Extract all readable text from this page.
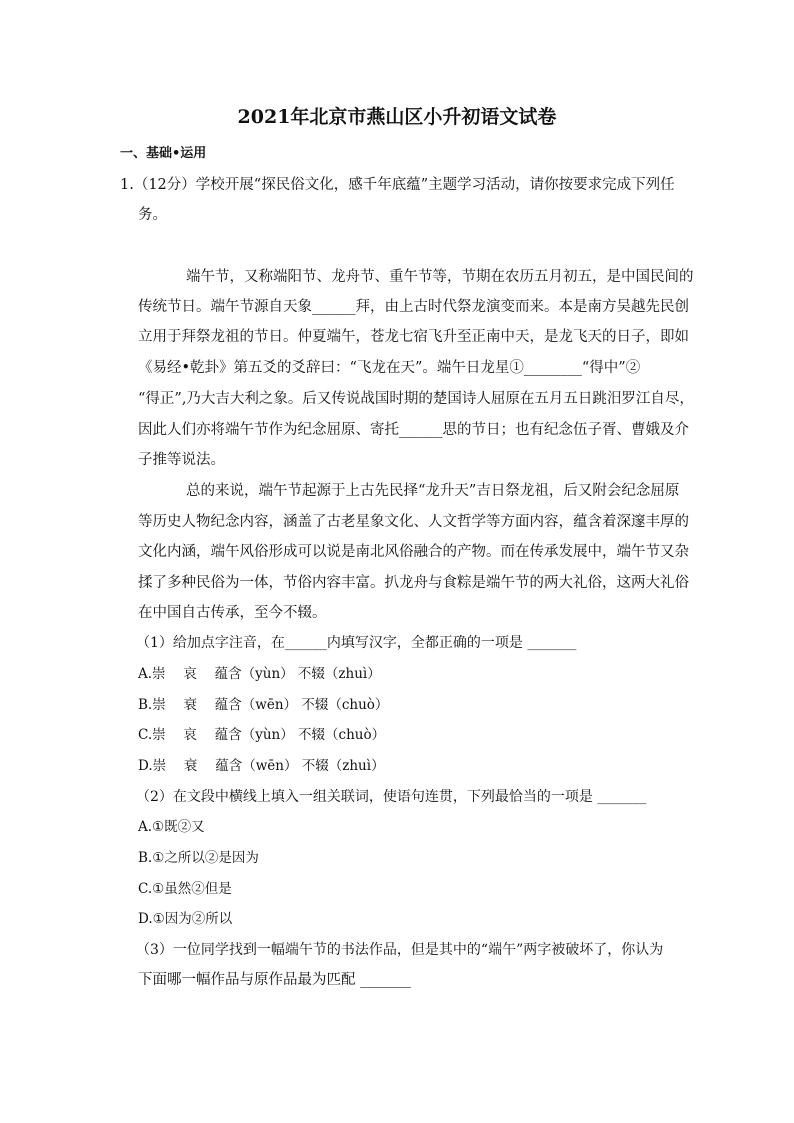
2021年北京市燕山区小升初语文试卷
一、基础•运用
1.（12分）学校开展“探民俗文化，感千年底蕴”主题学习活动，请你按要求完成下列任
务。
端午节，又称端阳节、龙舟节、重午节等，节期在农历五月初五，是中国民间的
传统节日。端午节源自天象______拜，由上古时代祭龙演变而来。本是南方吴越先民创
立用于拜祭龙祖的节日。仲夏端午，苍龙七宿飞升至正南中天，是龙飞天的日子，即如
《易经•乾卦》第五爻的爻辞曰：“飞龙在天”。端午日龙星①________“得中”②
“得正”,乃大吉大利之象。后又传说战国时期的楚国诗人屈原在五月五日跳汨罗江自尽，
因此人们亦将端午节作为纪念屈原、寄托______思的节日；也有纪念伍子胥、曹娥及介
子推等说法。
总的来说，端午节起源于上古先民择“龙升天”吉日祭龙祖，后又附会纪念屈原
等历史人物纪念内容，涵盖了古老星象文化、人文哲学等方面内容，蕴含着深邃丰厚的
文化内涵，端午风俗形成可以说是南北风俗融合的产物。而在传承发展中，端午节又杂
揉了多种民俗为一体，节俗内容丰富。扒龙舟与食粽是端午节的两大礼俗，这两大礼俗
在中国自古传承，至今不辍。
（1）给加点字注音，在______内填写汉字，全都正确的一项是 _______
A.崇　 哀　 蕴含（yùn） 不辍（zhuì）
B.崇　 衰　 蕴含（wēn） 不辍（chuò）
C.崇　 哀　 蕴含（yùn） 不辍（chuò）
D.崇　 衰　 蕴含（wēn） 不辍（zhuì）
（2）在文段中横线上填入一组关联词，使语句连贯，下列最恰当的一项是 _______
A.①既②又
B.①之所以②是因为
C.①虽然②但是
D.①因为②所以
（3）一位同学找到一幅端午节的书法作品，但是其中的“端午”两字被破坏了，你认为
下面哪一幅作品与原作品最为匹配 _______
